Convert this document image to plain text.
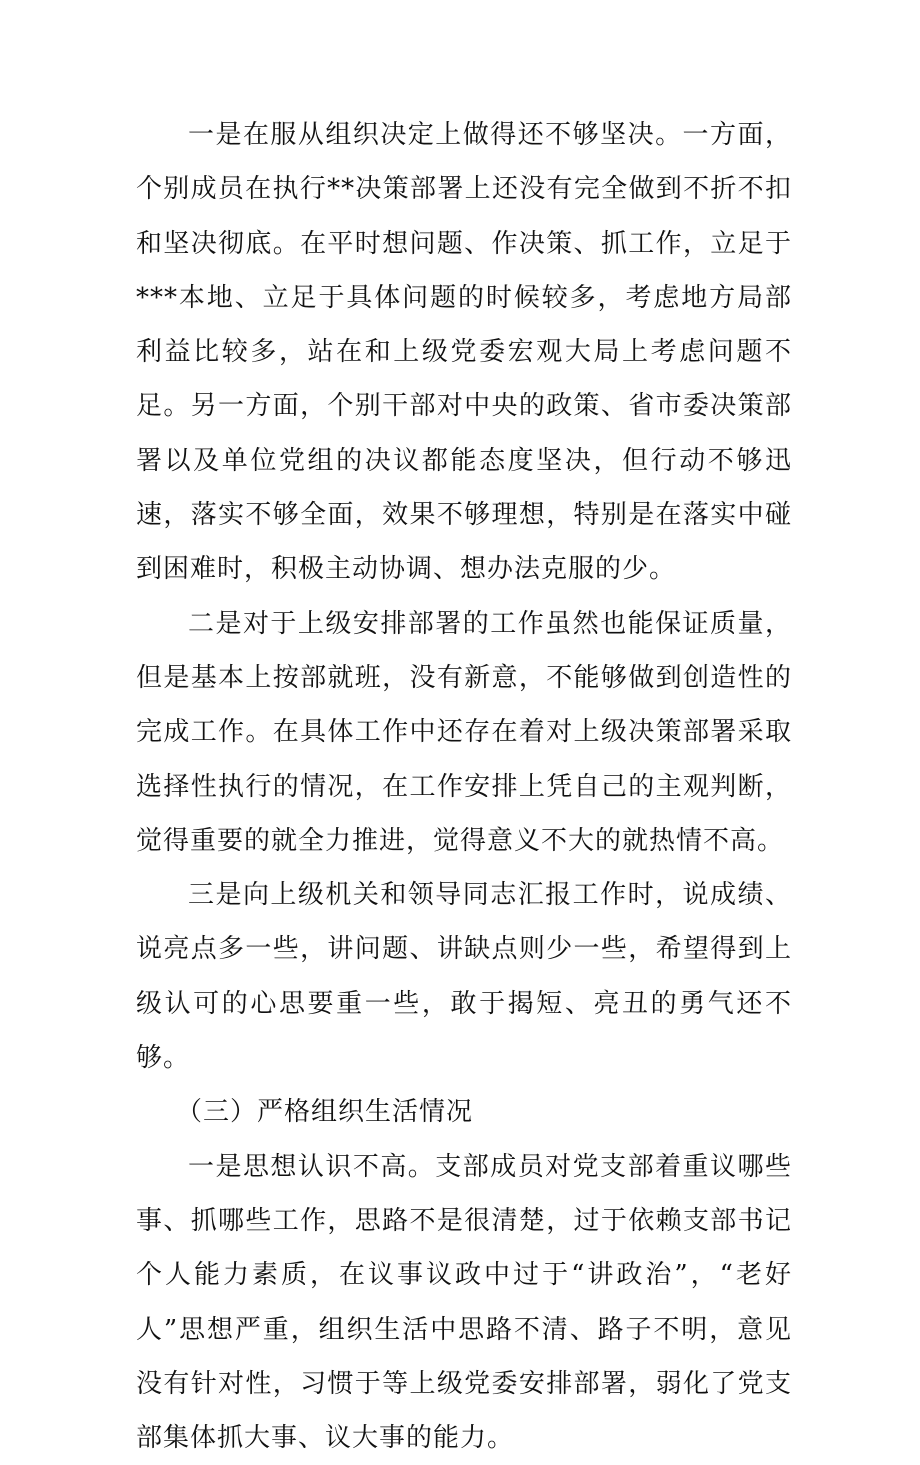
一是在服从组织决定上做得还不够坚决。一方面，个别成员在执行**决策部署上还没有完全做到不折不扣和坚决彻底。在平时想问题、作决策、抓工作，立足于***本地、立足于具体问题的时候较多，考虑地方局部利益比较多，站在和上级党委宏观大局上考虑问题不足。另一方面，个别干部对中央的政策、省市委决策部署以及单位党组的决议都能态度坚决，但行动不够迅速，落实不够全面，效果不够理想，特别是在落实中碰到困难时，积极主动协调、想办法克服的少。

二是对于上级安排部署的工作虽然也能保证质量，但是基本上按部就班，没有新意，不能够做到创造性的完成工作。在具体工作中还存在着对上级决策部署采取选择性执行的情况，在工作安排上凭自己的主观判断，觉得重要的就全力推进，觉得意义不大的就热情不高。

三是向上级机关和领导同志汇报工作时，说成绩、说亮点多一些，讲问题、讲缺点则少一些，希望得到上级认可的心思要重一些，敢于揭短、亮丑的勇气还不够。

（三）严格组织生活情况

一是思想认识不高。支部成员对党支部着重议哪些事、抓哪些工作，思路不是很清楚，过于依赖支部书记个人能力素质，在议事议政中过于“讲政治”，“老好人”思想严重，组织生活中思路不清、路子不明，意见没有针对性，习惯于等上级党委安排部署，弱化了党支部集体抓大事、议大事的能力。
